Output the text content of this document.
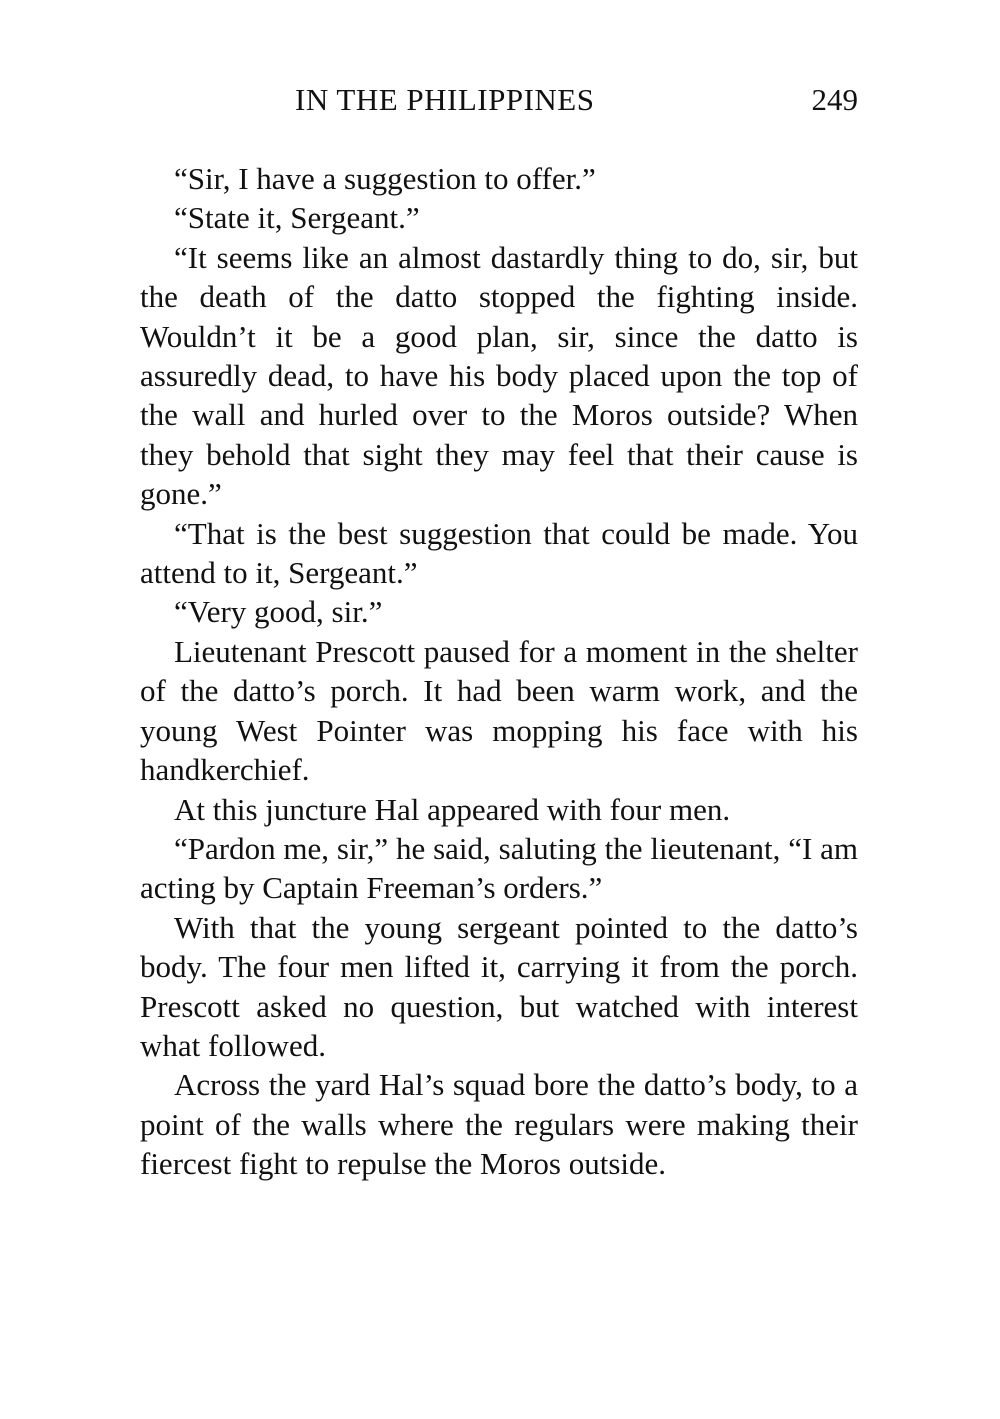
IN THE PHILIPPINES	249

“Sir, I have a suggestion to offer.”

“State it, Sergeant.”

“It seems like an almost dastardly thing to do, sir, but the death of the datto stopped the fighting inside. Wouldn’t it be a good plan, sir, since the datto is assuredly dead, to have his body placed upon the top of the wall and hurled over to the Moros outside? When they behold that sight they may feel that their cause is gone.”

“That is the best suggestion that could be made. You attend to it, Sergeant.”

“Very good, sir.”

Lieutenant Prescott paused for a moment in the shelter of the datto’s porch. It had been warm work, and the young West Pointer was mopping his face with his handkerchief.

At this juncture Hal appeared with four men.

“Pardon me, sir,” he said, saluting the lieutenant, “I am acting by Captain Freeman’s orders.”

With that the young sergeant pointed to the datto’s body. The four men lifted it, carrying it from the porch. Prescott asked no question, but watched with interest what followed.

Across the yard Hal’s squad bore the datto’s body, to a point of the walls where the regulars were making their fiercest fight to repulse the Moros outside.
